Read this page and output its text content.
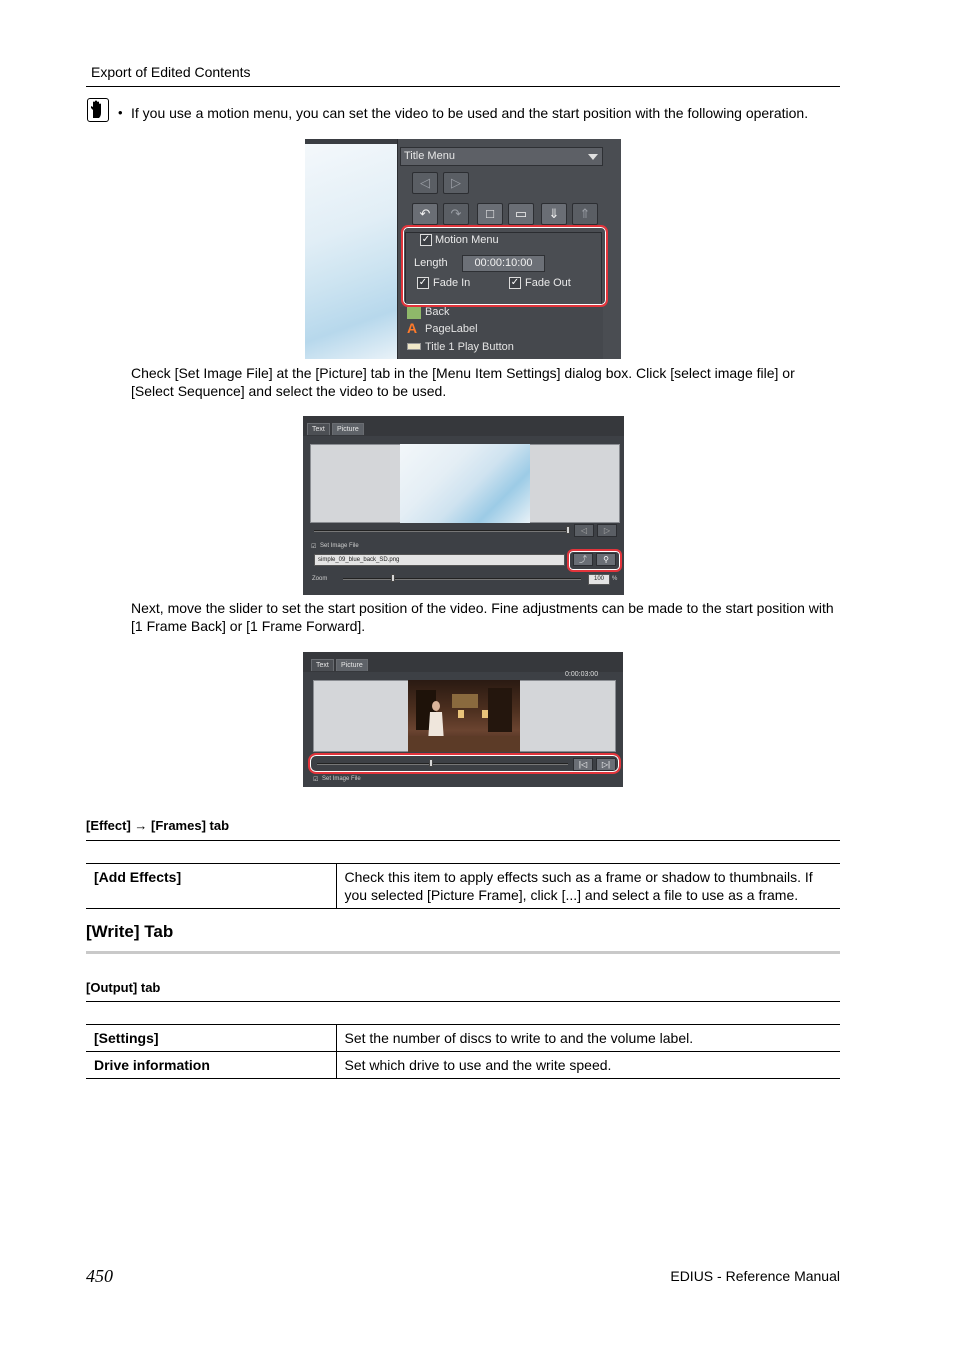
Export of Edited Contents
• If you use a motion menu, you can set the video to be used and the start position with the following operation.
Title Menu
◁	▷
↶	↷	□	▭	⇓	⇑
✓ Motion Menu
Length	00:00:10:00
✓ Fade In	✓ Fade Out
Back
A PageLabel
Title 1 Play Button
Check [Set Image File] at the [Picture] tab in the [Menu Item Settings] dialog box. Click [select image file] or [Select Sequence] and select the video to be used.
Text	Picture
◁	▷
☑ Set Image File
simple_09_blue_back_SD.png	⤴	⚲
Zoom	100	%
Next, move the slider to set the start position of the video. Fine adjustments can be made to the start position with [1 Frame Back] or [1 Frame Forward].
Text	Picture
0:00:03:00
|◁	▷|
☑ Set Image File
[Effect] → [Frames] tab
[Add Effects]	Check this item to apply effects such as a frame or shadow to thumbnails. If you selected [Picture Frame], click [...] and select a file to use as a frame.
[Write] Tab
[Output] tab
[Settings]	Set the number of discs to write to and the volume label.
Drive information	Set which drive to use and the write speed.
450	EDIUS - Reference Manual
